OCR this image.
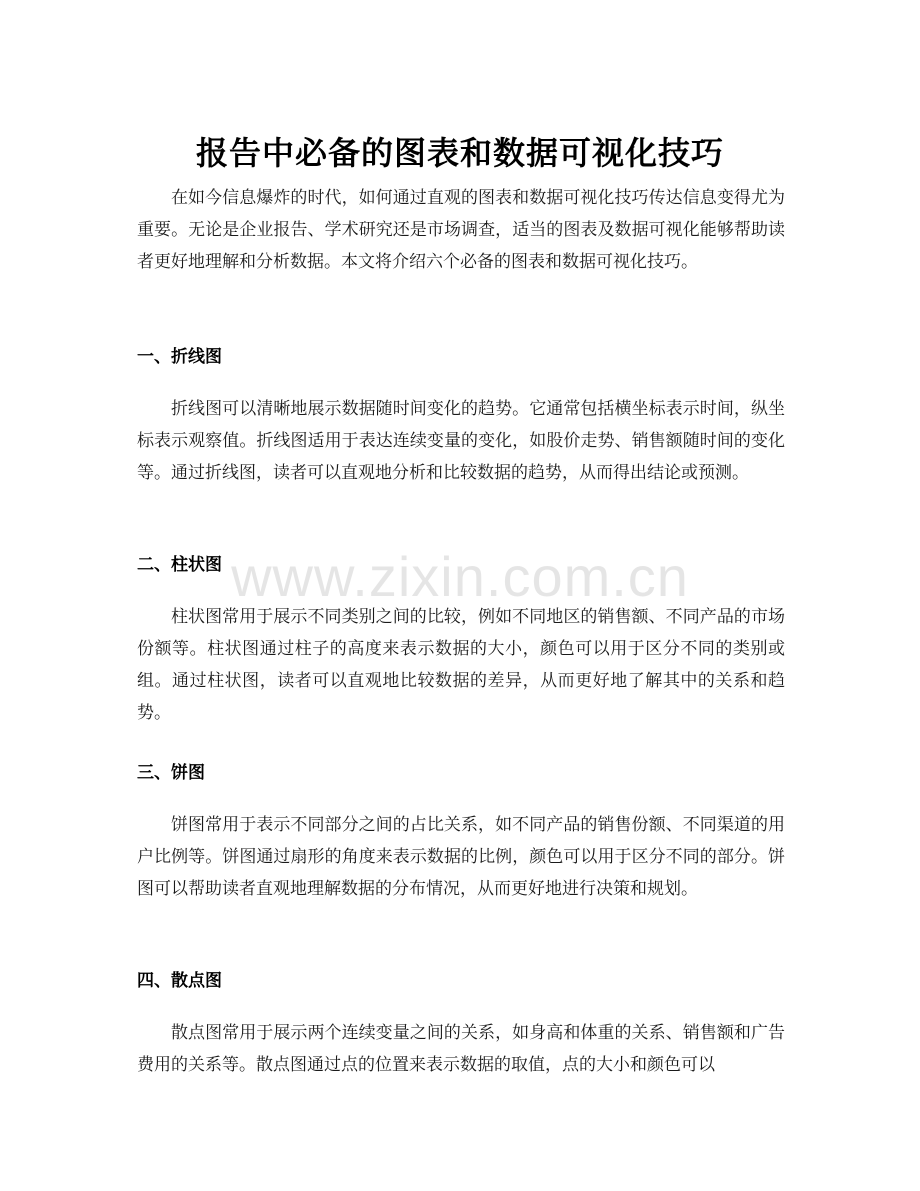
报告中必备的图表和数据可视化技巧

在如今信息爆炸的时代，如何通过直观的图表和数据可视化技巧传达信息变得尤为重要。无论是企业报告、学术研究还是市场调查，适当的图表及数据可视化能够帮助读者更好地理解和分析数据。本文将介绍六个必备的图表和数据可视化技巧。

一、折线图

折线图可以清晰地展示数据随时间变化的趋势。它通常包括横坐标表示时间，纵坐标表示观察值。折线图适用于表达连续变量的变化，如股价走势、销售额随时间的变化等。通过折线图，读者可以直观地分析和比较数据的趋势，从而得出结论或预测。

二、柱状图

柱状图常用于展示不同类别之间的比较，例如不同地区的销售额、不同产品的市场份额等。柱状图通过柱子的高度来表示数据的大小，颜色可以用于区分不同的类别或组。通过柱状图，读者可以直观地比较数据的差异，从而更好地了解其中的关系和趋势。

三、饼图

饼图常用于表示不同部分之间的占比关系，如不同产品的销售份额、不同渠道的用户比例等。饼图通过扇形的角度来表示数据的比例，颜色可以用于区分不同的部分。饼图可以帮助读者直观地理解数据的分布情况，从而更好地进行决策和规划。

四、散点图

散点图常用于展示两个连续变量之间的关系，如身高和体重的关系、销售额和广告费用的关系等。散点图通过点的位置来表示数据的取值，点的大小和颜色可以

www.zixin.com.cn
